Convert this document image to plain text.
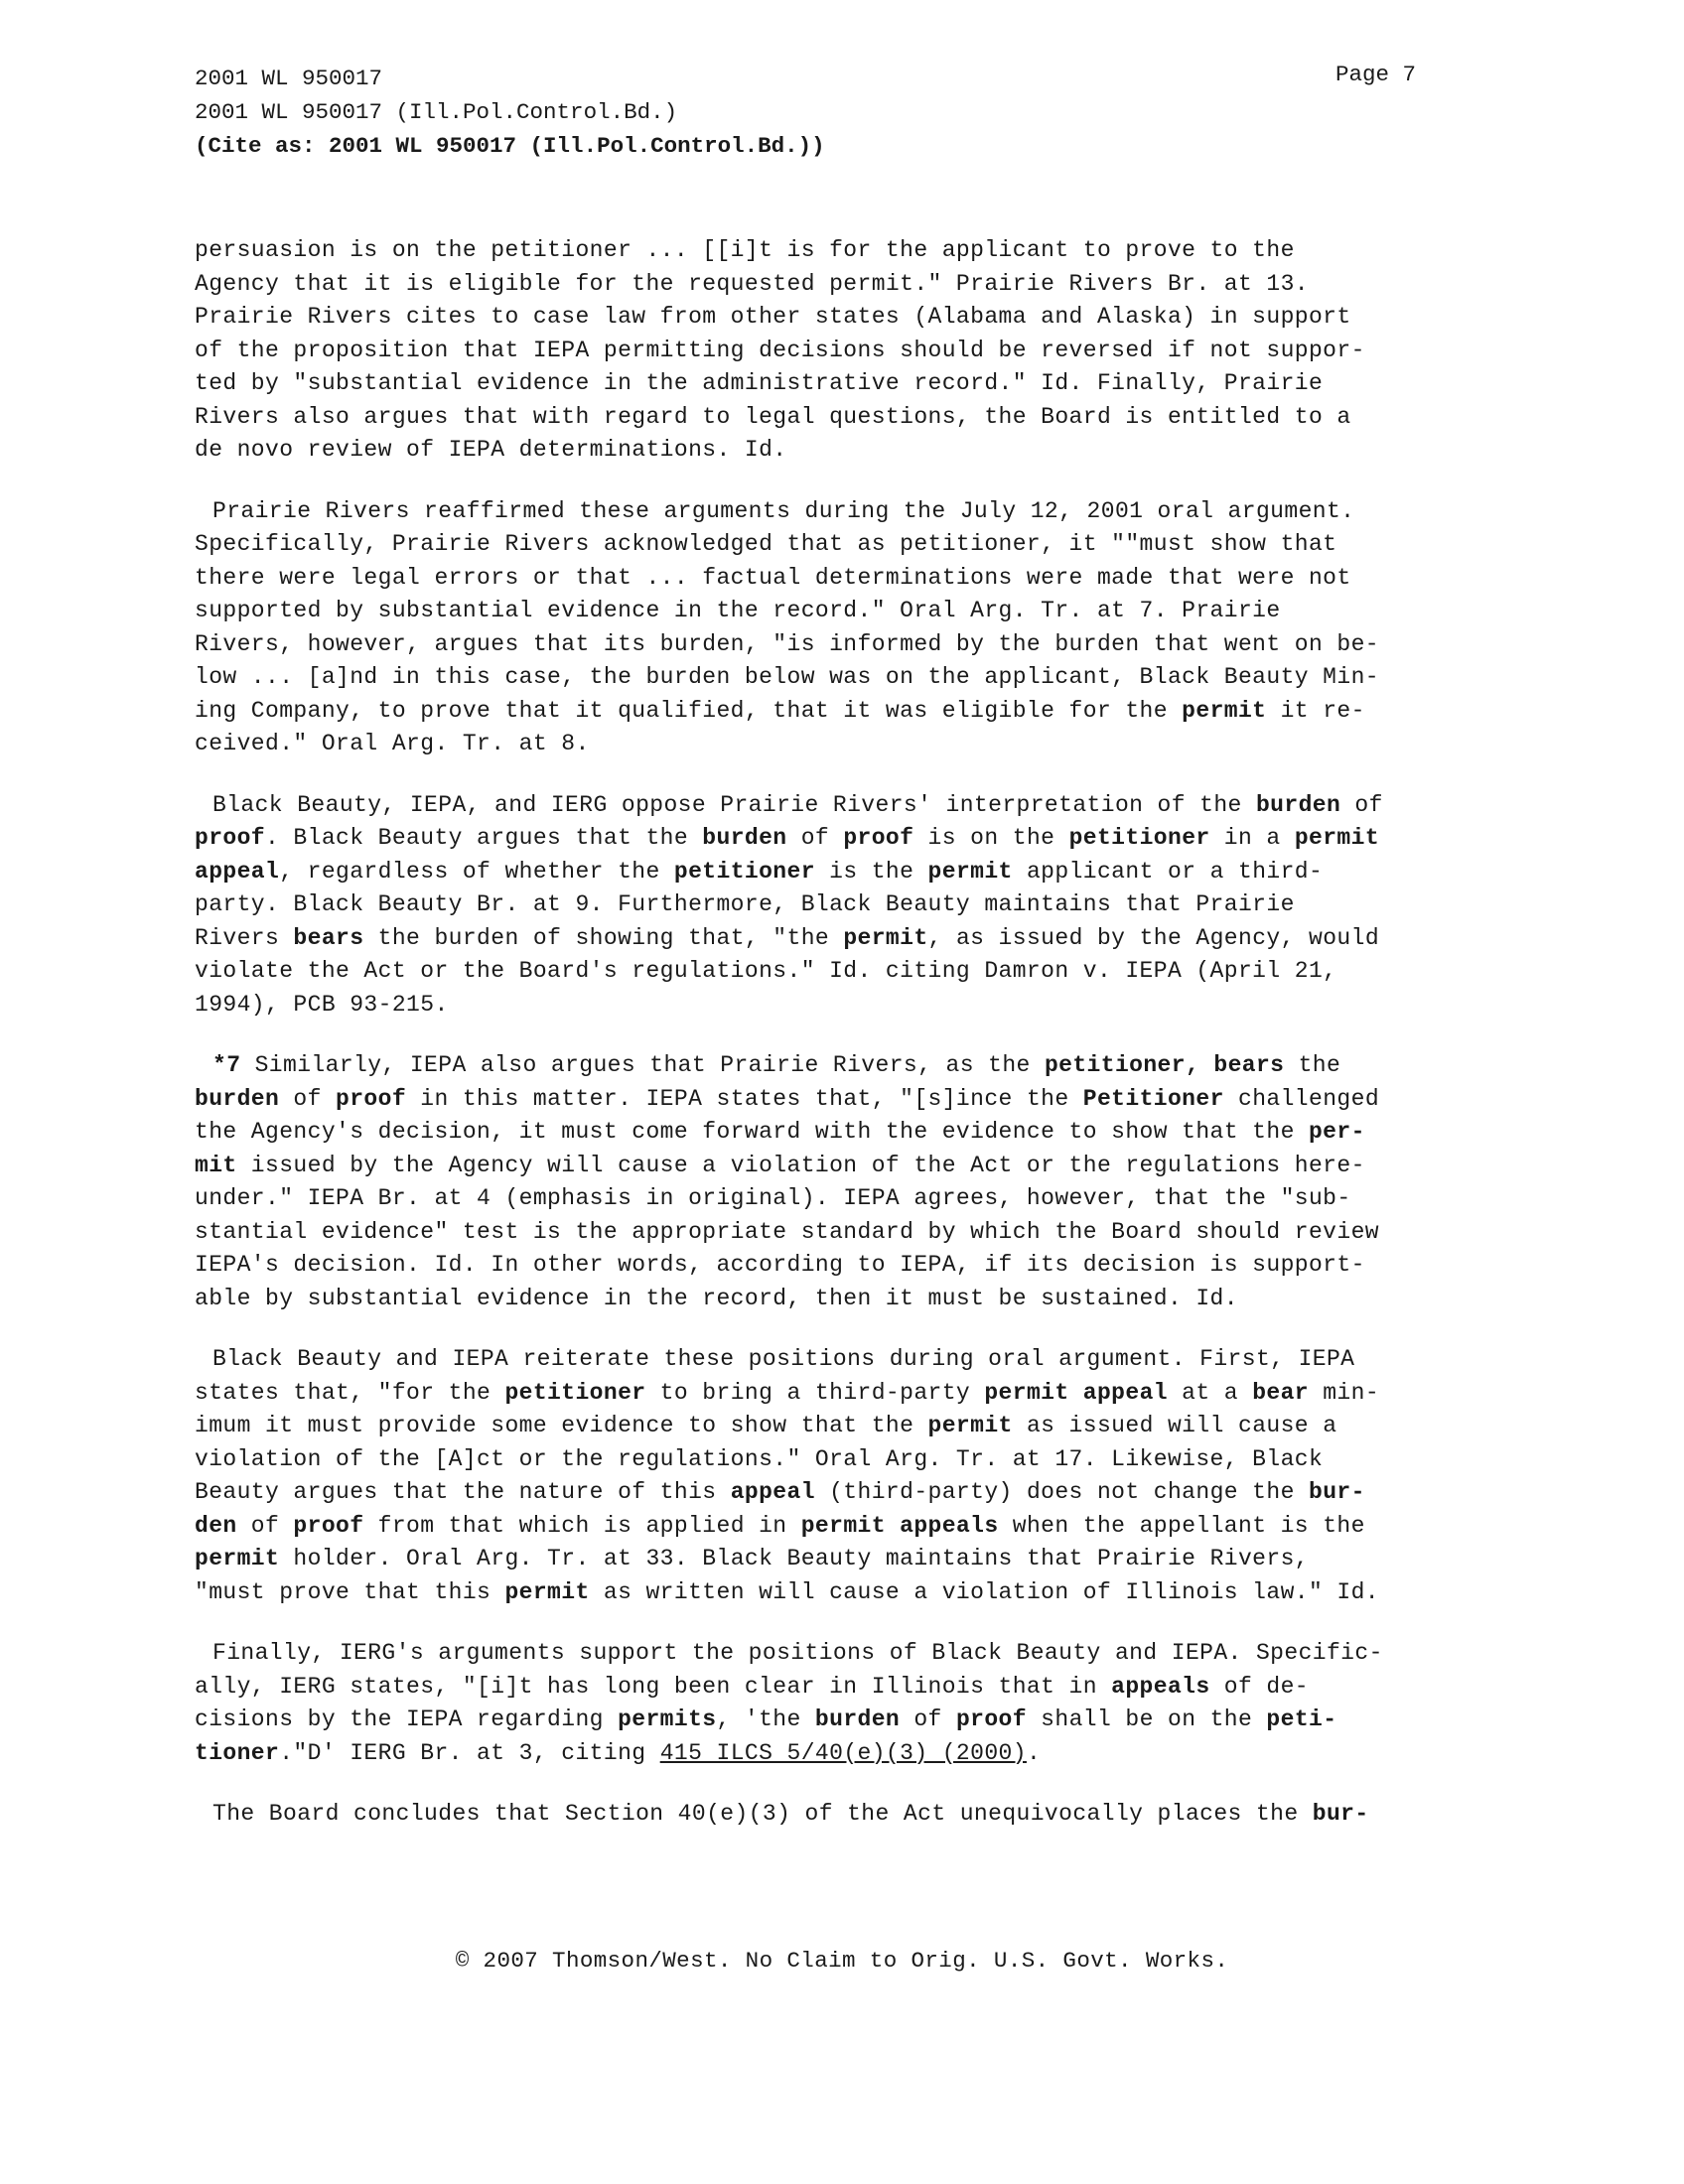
Page 7
2001 WL 950017
2001 WL 950017 (Ill.Pol.Control.Bd.)
(Cite as: 2001 WL 950017 (Ill.Pol.Control.Bd.))
persuasion is on the petitioner ... [[i]t is for the applicant to prove to the
Agency that it is eligible for the requested permit." Prairie Rivers Br. at 13.
Prairie Rivers cites to case law from other states (Alabama and Alaska) in support
of the proposition that IEPA permitting decisions should be reversed if not suppor-
ted by "substantial evidence in the administrative record." Id. Finally, Prairie
Rivers also argues that with regard to legal questions, the Board is entitled to a
de novo review of IEPA determinations. Id.
Prairie Rivers reaffirmed these arguments during the July 12, 2001 oral argument.
Specifically, Prairie Rivers acknowledged that as petitioner, it ""must show that
there were legal errors or that ... factual determinations were made that were not
supported by substantial evidence in the record." Oral Arg. Tr. at 7. Prairie
Rivers, however, argues that its burden, "is informed by the burden that went on be-
low ... [a]nd in this case, the burden below was on the applicant, Black Beauty Min-
ing Company, to prove that it qualified, that it was eligible for the permit it re-
ceived." Oral Arg. Tr. at 8.
Black Beauty, IEPA, and IERG oppose Prairie Rivers' interpretation of the burden of
proof. Black Beauty argues that the burden of proof is on the petitioner in a permit
appeal, regardless of whether the petitioner is the permit applicant or a third-
party. Black Beauty Br. at 9. Furthermore, Black Beauty maintains that Prairie
Rivers bears the burden of showing that, "the permit, as issued by the Agency, would
violate the Act or the Board's regulations." Id. citing Damron v. IEPA (April 21,
1994), PCB 93-215.
*7 Similarly, IEPA also argues that Prairie Rivers, as the petitioner, bears the
burden of proof in this matter. IEPA states that, "[s]ince the Petitioner challenged
the Agency's decision, it must come forward with the evidence to show that the per-
mit issued by the Agency will cause a violation of the Act or the regulations here-
under." IEPA Br. at 4 (emphasis in original). IEPA agrees, however, that the "sub-
stantial evidence" test is the appropriate standard by which the Board should review
IEPA's decision. Id. In other words, according to IEPA, if its decision is support-
able by substantial evidence in the record, then it must be sustained. Id.
Black Beauty and IEPA reiterate these positions during oral argument. First, IEPA
states that, "for the petitioner to bring a third-party permit appeal at a bear min-
imum it must provide some evidence to show that the permit as issued will cause a
violation of the [A]ct or the regulations." Oral Arg. Tr. at 17. Likewise, Black
Beauty argues that the nature of this appeal (third-party) does not change the bur-
den of proof from that which is applied in permit appeals when the appellant is the
permit holder. Oral Arg. Tr. at 33. Black Beauty maintains that Prairie Rivers,
"must prove that this permit as written will cause a violation of Illinois law." Id.
Finally, IERG's arguments support the positions of Black Beauty and IEPA. Specific-
ally, IERG states, "[i]t has long been clear in Illinois that in appeals of de-
cisions by the IEPA regarding permits, 'the burden of proof shall be on the peti-
tioner."D' IERG Br. at 3, citing 415 ILCS 5/40(e)(3) (2000).
The Board concludes that Section 40(e)(3) of the Act unequivocally places the bur-
© 2007 Thomson/West. No Claim to Orig. U.S. Govt. Works.
